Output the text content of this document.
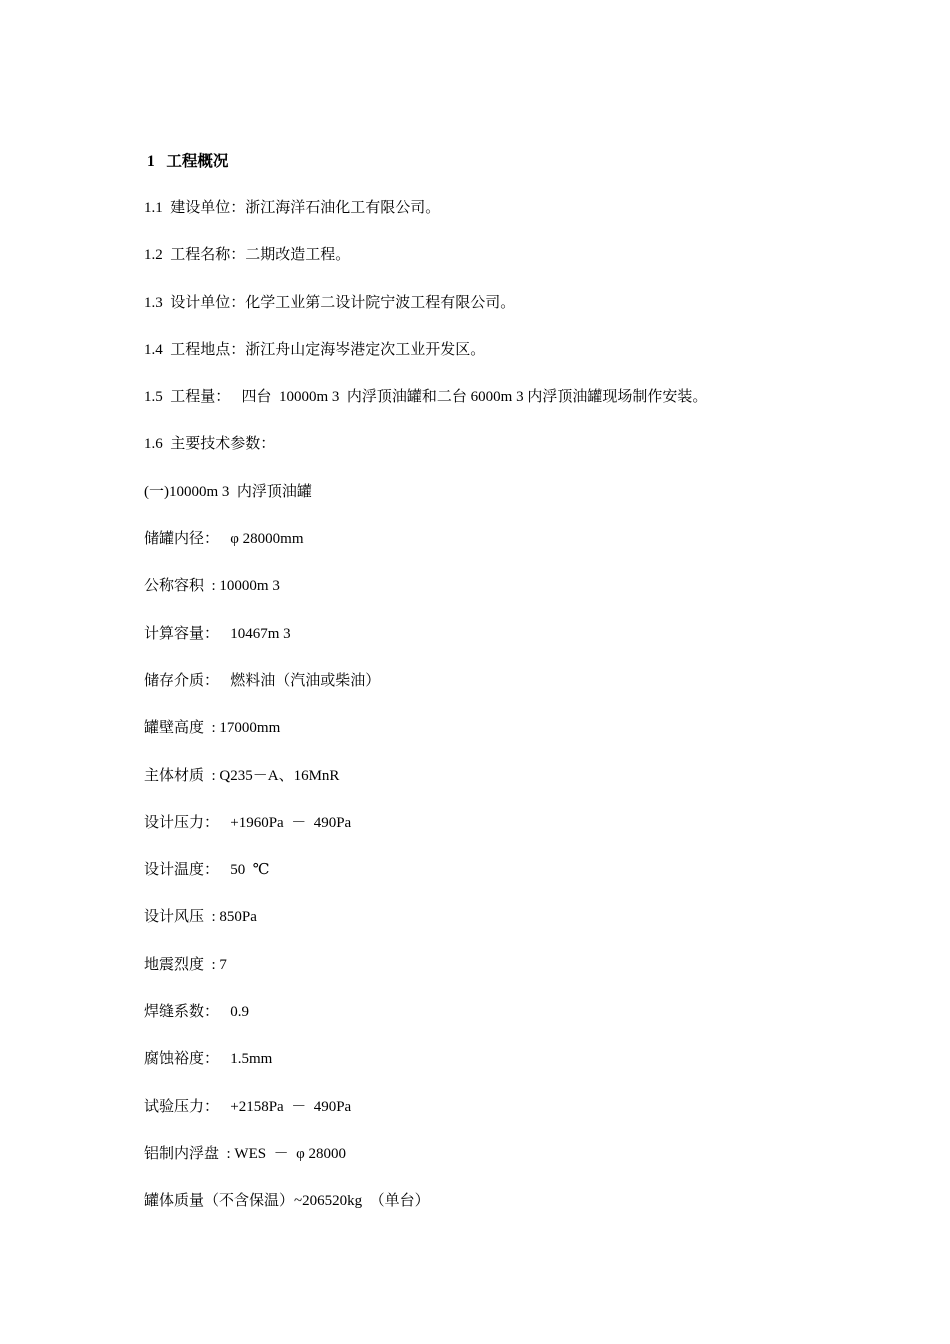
1   工程概况
1.1  建设单位：浙江海洋石油化工有限公司。
1.2  工程名称：二期改造工程。
1.3  设计单位：化学工业第二设计院宁波工程有限公司。
1.4  工程地点：浙江舟山定海岑港定次工业开发区。
1.5  工程量：   四台  10000m 3  内浮顶油罐和二台 6000m 3 内浮顶油罐现场制作安装。
1.6  主要技术参数：
(一)10000m 3  内浮顶油罐
储罐内径：   φ 28000mm
公称容积  : 10000m 3
计算容量：   10467m 3
储存介质：   燃料油（汽油或柴油）
罐壁高度  : 17000mm
主体材质  : Q235－A、16MnR
设计压力：   +1960Pa  －  490Pa
设计温度：   50  ℃
设计风压  : 850Pa
地震烈度  : 7
焊缝系数：   0.9
腐蚀裕度：   1.5mm
试验压力：   +2158Pa  －  490Pa
铝制内浮盘  : WES  －  φ 28000
罐体质量（不含保温）~206520kg  （单台）
